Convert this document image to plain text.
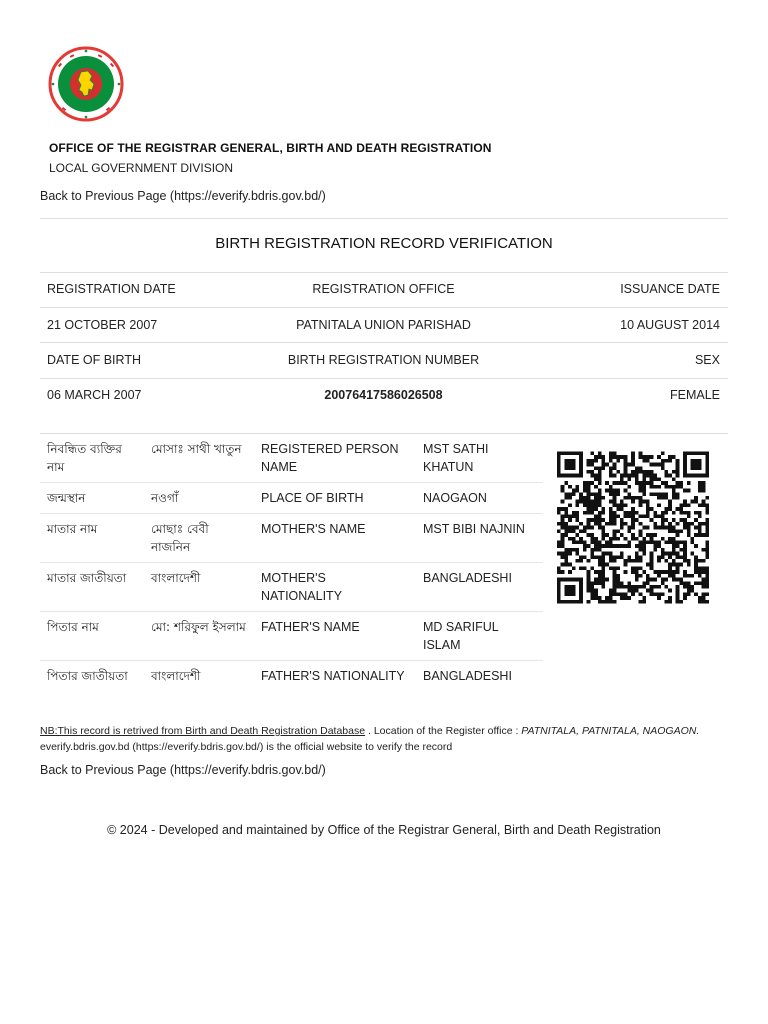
OFFICE OF THE REGISTRAR GENERAL, BIRTH AND DEATH REGISTRATION
LOCAL GOVERNMENT DIVISION
Back to Previous Page (https://everify.bdris.gov.bd/)
BIRTH REGISTRATION RECORD VERIFICATION
REGISTRATION DATE	REGISTRATION OFFICE	ISSUANCE DATE
21 OCTOBER 2007	PATNITALA UNION PARISHAD	10 AUGUST 2014
DATE OF BIRTH	BIRTH REGISTRATION NUMBER	SEX
06 MARCH 2007	20076417586026508	FEMALE
নিবন্ধিত ব্যক্তির নাম	মোসাঃ সাথী খাতুন	REGISTERED PERSON NAME	MST SATHI KHATUN
জন্মস্থান	নওগাঁ	PLACE OF BIRTH	NAOGAON
মাতার নাম	মোছাঃ বেবী নাজনিন	MOTHER'S NAME	MST BIBI NAJNIN
মাতার জাতীয়তা	বাংলাদেশী	MOTHER'S NATIONALITY	BANGLADESHI
পিতার নাম	মো: শরিফুল ইসলাম	FATHER'S NAME	MD SARIFUL ISLAM
পিতার জাতীয়তা	বাংলাদেশী	FATHER'S NATIONALITY	BANGLADESHI
NB:This record is retrived from Birth and Death Registration Database . Location of the Register office : PATNITALA, PATNITALA, NAOGAON.
everify.bdris.gov.bd (https://everify.bdris.gov.bd/) is the official website to verify the record
Back to Previous Page (https://everify.bdris.gov.bd/)
© 2024 - Developed and maintained by Office of the Registrar General, Birth and Death Registration
